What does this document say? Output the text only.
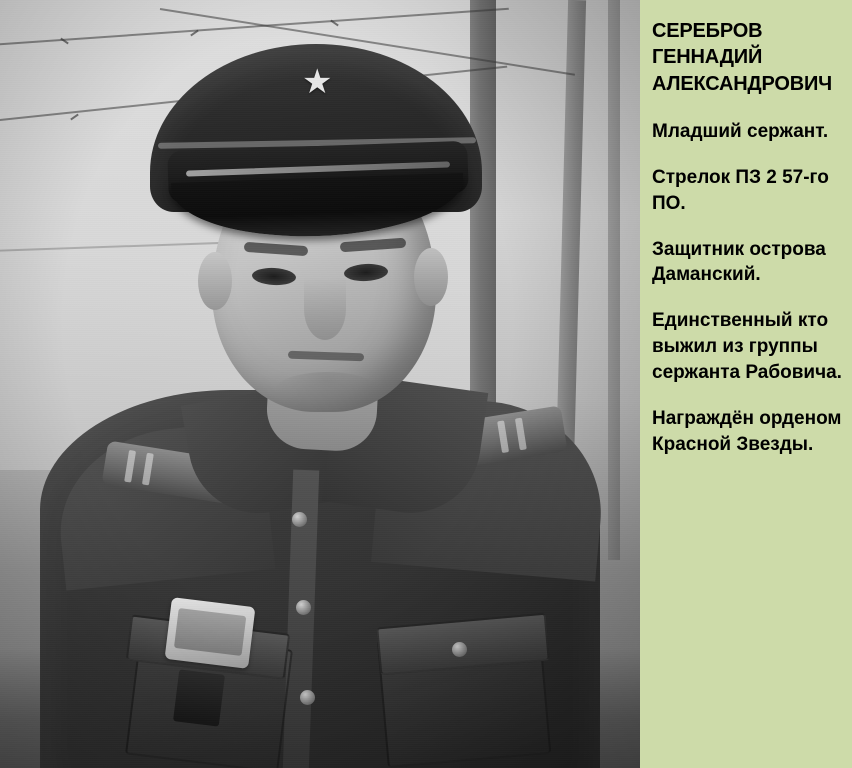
СЕРЕБРОВ
ГЕННАДИЙ
АЛЕКСАНДРОВИЧ

Младший сержант.

Стрелок ПЗ 2 57-го ПО.

Защитник острова Даманский.

Единственный кто выжил из группы сержанта Рабовича.

Награждён орденом Красной Звезды.
